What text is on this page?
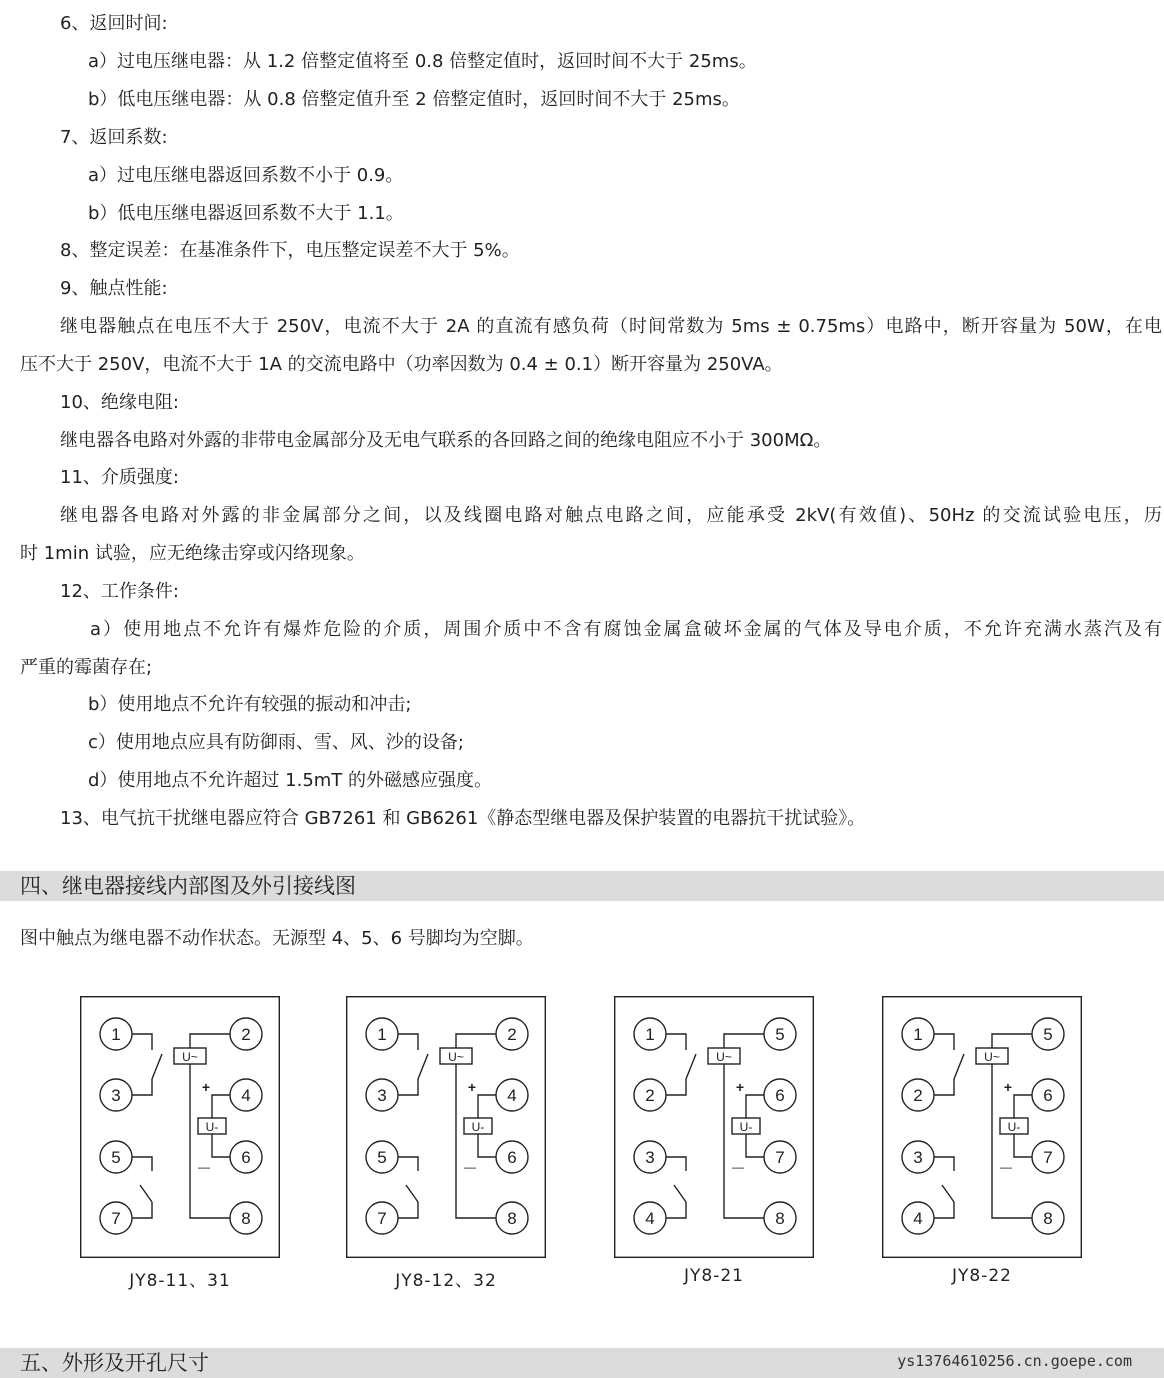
6、返回时间:
a）过电压继电器：从 1.2 倍整定值将至 0.8 倍整定值时，返回时间不大于 25ms。
b）低电压继电器：从 0.8 倍整定值升至 2 倍整定值时，返回时间不大于 25ms。
7、返回系数:
a）过电压继电器返回系数不小于 0.9。
b）低电压继电器返回系数不大于 1.1。
8、整定误差：在基准条件下，电压整定误差不大于 5%。
9、触点性能:
继电器触点在电压不大于 250V，电流不大于 2A 的直流有感负荷（时间常数为 5ms ± 0.75ms）电路中，断开容量为 50W，在电
压不大于 250V，电流不大于 1A 的交流电路中（功率因数为 0.4 ± 0.1）断开容量为 250VA。
10、绝缘电阻:
继电器各电路对外露的非带电金属部分及无电气联系的各回路之间的绝缘电阻应不小于 300MΩ。
11、介质强度:
继电器各电路对外露的非金属部分之间，以及线圈电路对触点电路之间，应能承受 2kV(有效值)、50Hz 的交流试验电压，历
时 1min 试验，应无绝缘击穿或闪络现象。
12、工作条件:
a）使用地点不允许有爆炸危险的介质，周围介质中不含有腐蚀金属盒破坏金属的气体及导电介质，不允许充满水蒸汽及有
严重的霉菌存在;
b）使用地点不允许有较强的振动和冲击;
c）使用地点应具有防御雨、雪、风、沙的设备;
d）使用地点不允许超过 1.5mT 的外磁感应强度。
13、电气抗干扰继电器应符合 GB7261 和 GB6261《静态型继电器及保护装置的电器抗干扰试验》。
四、继电器接线内部图及外引接线图
图中触点为继电器不动作状态。无源型 4、5、6 号脚均为空脚。
1
3
5
7
2
4
6
8
U~
U-
+
—
1
3
5
7
2
4
6
8
U~
U-
+
—
1
2
3
4
5
6
7
8
U~
U-
+
—
1
2
3
4
5
6
7
8
U~
U-
+
—
JY8-11、31	JY8-12、32	JY8-21	JY8-22
五、外形及开孔尺寸	ys13764610256.cn.goepe.com
